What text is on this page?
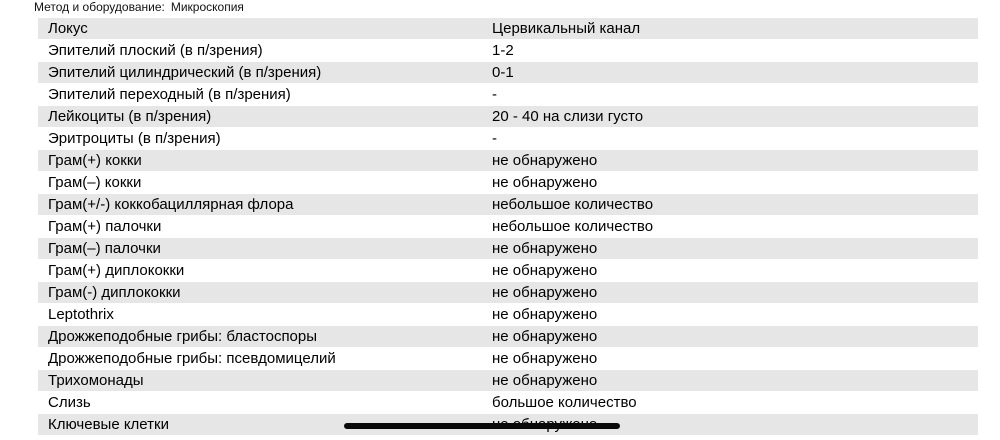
Метод и оборудование: Микроскопия
Локус	Цервикальный канал
Эпителий плоский (в п/зрения)	1-2
Эпителий цилиндрический (в п/зрения)	0-1
Эпителий переходный (в п/зрения)	-
Лейкоциты (в п/зрения)	20 - 40 на слизи густо
Эритроциты (в п/зрения)	-
Грам(+) кокки	не обнаружено
Грам(–) кокки	не обнаружено
Грам(+/-) коккобациллярная флора	небольшое количество
Грам(+) палочки	небольшое количество
Грам(–) палочки	не обнаружено
Грам(+) диплококки	не обнаружено
Грам(-) диплококки	не обнаружено
Leptothrix	не обнаружено
Дрожжеподобные грибы: бластоспоры	не обнаружено
Дрожжеподобные грибы: псевдомицелий	не обнаружено
Трихомонады	не обнаружено
Слизь	большое количество
Ключевые клетки	
